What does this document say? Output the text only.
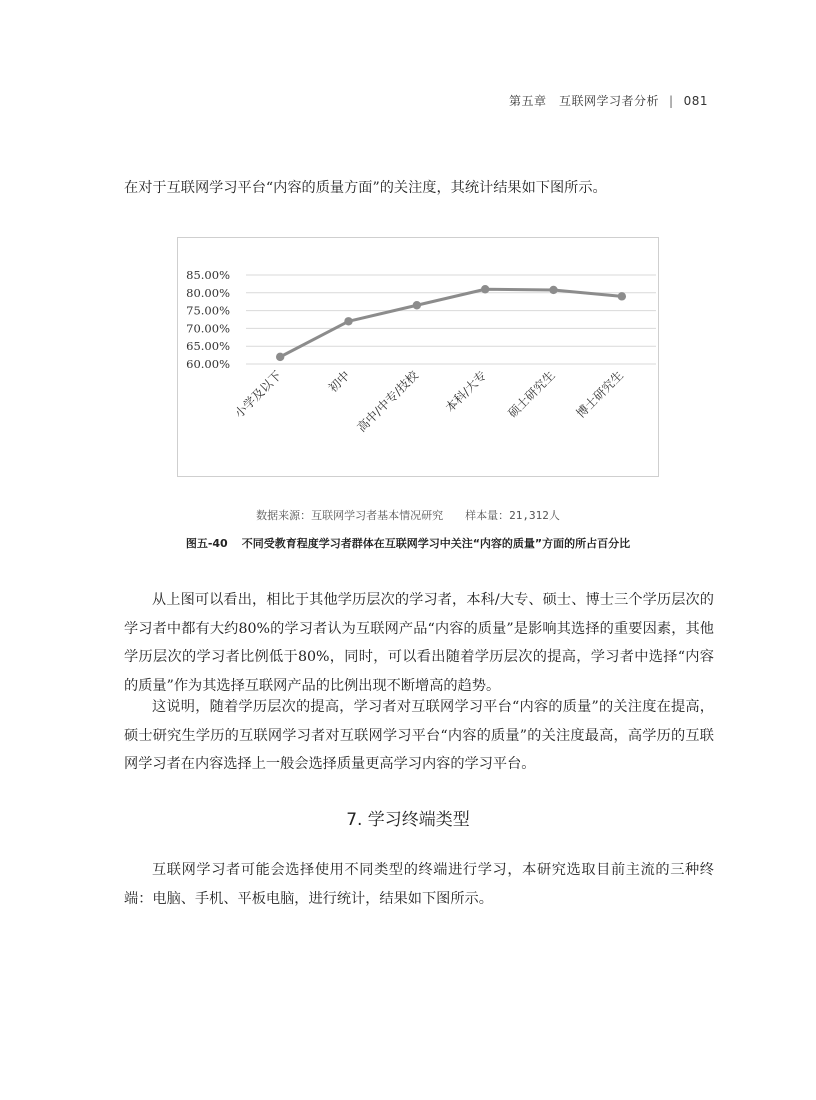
第五章　互联网学习者分析 | 081

在对于互联网学习平台“内容的质量方面”的关注度，其统计结果如下图所示。

85.00%
80.00%
75.00%
70.00%
65.00%
60.00%
小学及以下	初中 高中/中专/技校 本科/大专 硕士研究生 博士研究生
数据来源：互联网学习者基本情况研究 样本量：21,312人
图五-40 不同受教育程度学习者群体在互联网学习中关注“内容的质量”方面的所占百分比

从上图可以看出，相比于其他学历层次的学习者，本科/大专、硕士、博士三个学历层次的学习者中都有大约80%的学习者认为互联网产品“内容的质量”是影响其选择的重要因素，其他学历层次的学习者比例低于80%，同时，可以看出随着学历层次的提高，学习者中选择“内容的质量”作为其选择互联网产品的比例出现不断增高的趋势。

这说明，随着学历层次的提高，学习者对互联网学习平台“内容的质量”的关注度在提高，硕士研究生学历的互联网学习者对互联网学习平台“内容的质量”的关注度最高，高学历的互联网学习者在内容选择上一般会选择质量更高学习内容的学习平台。

7. 学习终端类型

互联网学习者可能会选择使用不同类型的终端进行学习，本研究选取目前主流的三种终端：电脑、手机、平板电脑，进行统计，结果如下图所示。
